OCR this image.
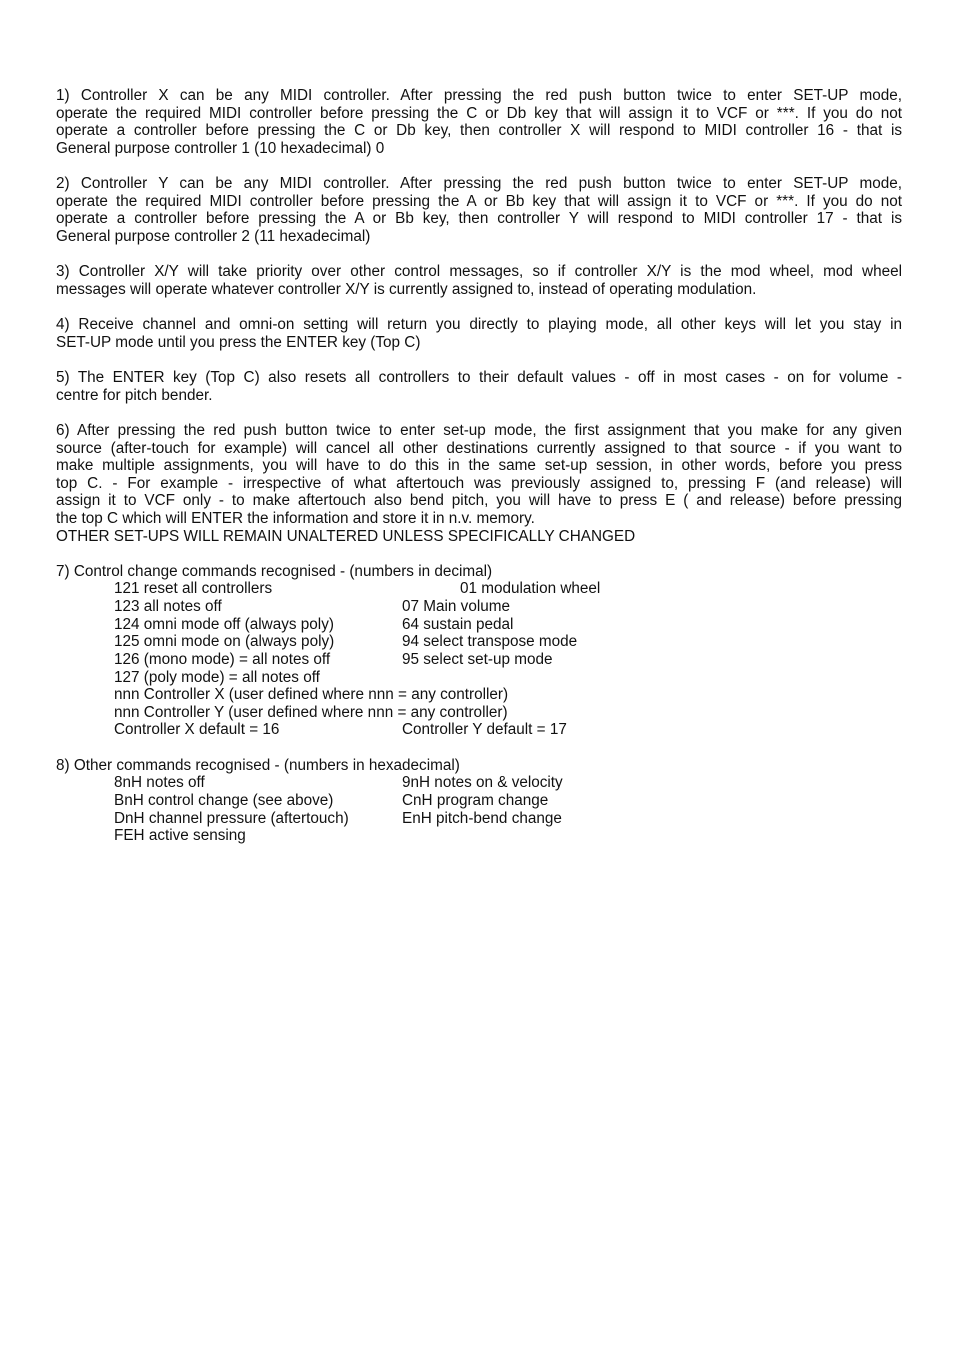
1) Controller X can be any MIDI controller. After pressing the red push button twice to enter SET-UP mode,
operate the required MIDI controller before pressing the C or Db key that will assign it to VCF or ***. If you do not
operate a controller before pressing the C or Db key, then controller X will respond to MIDI controller 16 - that is
General purpose controller 1 (10 hexadecimal) 0
2) Controller Y can be any MIDI controller. After pressing the red push button twice to enter SET-UP mode,
operate the required MIDI controller before pressing the A or Bb key that will assign it to VCF or ***. If you do not
operate a controller before pressing the A or Bb key, then controller Y will respond to MIDI controller 17 - that is
General purpose controller 2 (11 hexadecimal)
3) Controller X/Y will take priority over other control messages, so if controller X/Y is the mod wheel, mod wheel
messages will operate whatever controller X/Y is currently assigned to, instead of operating modulation.
4) Receive channel and omni-on setting will return you directly to playing mode, all other keys will let you stay in
SET-UP mode until you press the ENTER key (Top C)
5) The ENTER key (Top C) also resets all controllers to their default values - off in most cases - on for volume -
centre for pitch bender.
6) After pressing the red push button twice to enter set-up mode, the first assignment that you make for any given
source (after-touch for example) will cancel all other destinations currently assigned to that source - if you want to
make multiple assignments, you will have to do this in the same set-up session, in other words, before you press
top C. - For example - irrespective of what aftertouch was previously assigned to, pressing F (and release) will
assign it to VCF only - to make aftertouch also bend pitch, you will have to press E ( and release) before pressing
the top C which will ENTER the information and store it in n.v. memory.
OTHER SET-UPS WILL REMAIN UNALTERED UNLESS SPECIFICALLY CHANGED
7) Control change commands recognised - (numbers in decimal)
121 reset all controllers	01 modulation wheel
123 all notes off	07 Main volume
124 omni mode off (always poly)	64 sustain pedal
125 omni mode on (always poly)	94 select transpose mode
126 (mono mode) = all notes off	95 select set-up mode
127 (poly mode) = all notes off
nnn Controller X (user defined where nnn = any controller)
nnn Controller Y (user defined where nnn = any controller)
Controller X default = 16	Controller Y default = 17
8) Other commands recognised - (numbers in hexadecimal)
8nH notes off	9nH notes on & velocity
BnH control change (see above)	CnH program change
DnH channel pressure (aftertouch)	EnH pitch-bend change
FEH active sensing
